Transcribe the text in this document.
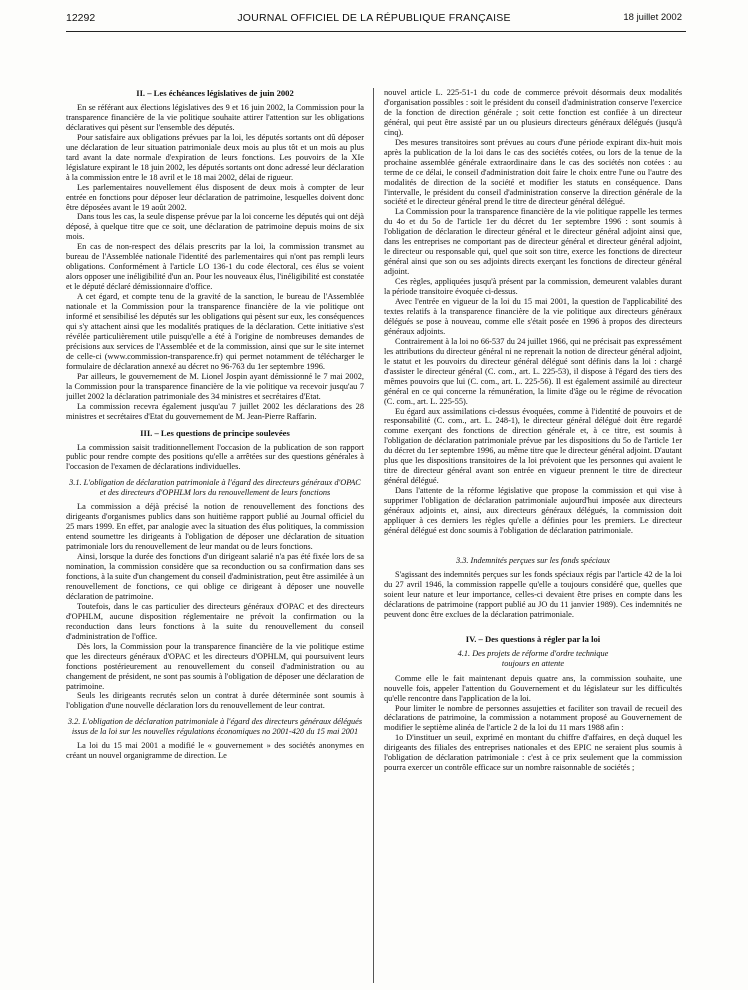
12292	JOURNAL OFFICIEL DE LA RÉPUBLIQUE FRANÇAISE	18 juillet 2002
II. – Les échéances législatives de juin 2002

En se référant aux élections législatives des 9 et 16 juin 2002, la Commission pour la transparence financière de la vie politique souhaite attirer l'attention sur les obligations déclaratives qui pèsent sur l'ensemble des députés.

Pour satisfaire aux obligations prévues par la loi, les députés sortants ont dû déposer une déclaration de leur situation patrimoniale deux mois au plus tôt et un mois au plus tard avant la date normale d'expiration de leurs fonctions. Les pouvoirs de la XIe législature expirant le 18 juin 2002, les députés sortants ont donc adressé leur déclaration à la commission entre le 18 avril et le 18 mai 2002, délai de rigueur.

Les parlementaires nouvellement élus disposent de deux mois à compter de leur entrée en fonctions pour déposer leur déclaration de patrimoine, lesquelles doivent donc être déposées avant le 19 août 2002.

Dans tous les cas, la seule dispense prévue par la loi concerne les députés qui ont déjà déposé, à quelque titre que ce soit, une déclaration de patrimoine depuis moins de six mois.

En cas de non-respect des délais prescrits par la loi, la commission transmet au bureau de l'Assemblée nationale l'identité des parlementaires qui n'ont pas rempli leurs obligations. Conformément à l'article LO 136-1 du code électoral, ces élus se voient alors opposer une inéligibilité d'un an. Pour les nouveaux élus, l'inéligibilité est constatée et le député déclaré démissionnaire d'office.

A cet égard, et compte tenu de la gravité de la sanction, le bureau de l'Assemblée nationale et la Commission pour la transparence financière de la vie politique ont informé et sensibilisé les députés sur les obligations qui pèsent sur eux, les conséquences qui s'y attachent ainsi que les modalités pratiques de la déclaration. Cette initiative s'est révélée particulièrement utile puisqu'elle a été à l'origine de nombreuses demandes de précisions aux services de l'Assemblée et de la commission, ainsi que sur le site internet de celle-ci (www.commission-transparence.fr) qui permet notamment de télécharger le formulaire de déclaration annexé au décret no 96-763 du 1er septembre 1996.

Par ailleurs, le gouvernement de M. Lionel Jospin ayant démissionné le 7 mai 2002, la Commission pour la transparence financière de la vie politique va recevoir jusqu'au 7 juillet 2002 la déclaration patrimoniale des 34 ministres et secrétaires d'Etat.

La commission recevra également jusqu'au 7 juillet 2002 les déclarations des 28 ministres et secrétaires d'Etat du gouvernement de M. Jean-Pierre Raffarin.

III. – Les questions de principe soulevées

La commission saisit traditionnellement l'occasion de la publication de son rapport public pour rendre compte des positions qu'elle a arrêtées sur des questions générales à l'occasion de l'examen de déclarations individuelles.

3.1. L'obligation de déclaration patrimoniale à l'égard des directeurs généraux d'OPAC et des directeurs d'OPHLM lors du renouvellement de leurs fonctions

La commission a déjà précisé la notion de renouvellement des fonctions des dirigeants d'organismes publics dans son huitième rapport publié au Journal officiel du 25 mars 1999. En effet, par analogie avec la situation des élus politiques, la commission entend soumettre les dirigeants à l'obligation de déposer une déclaration de situation patrimoniale lors du renouvellement de leur mandat ou de leurs fonctions.

Ainsi, lorsque la durée des fonctions d'un dirigeant salarié n'a pas été fixée lors de sa nomination, la commission considère que sa reconduction ou sa confirmation dans ses fonctions, à la suite d'un changement du conseil d'administration, peut être assimilée à un renouvellement de fonctions, ce qui oblige ce dirigeant à déposer une nouvelle déclaration de patrimoine.

Toutefois, dans le cas particulier des directeurs généraux d'OPAC et des directeurs d'OPHLM, aucune disposition réglementaire ne prévoit la confirmation ou la reconduction dans leurs fonctions à la suite du renouvellement du conseil d'administration de l'office.

Dès lors, la Commission pour la transparence financière de la vie politique estime que les directeurs généraux d'OPAC et les directeurs d'OPHLM, qui poursuivent leurs fonctions postérieurement au renouvellement du conseil d'administration ou au changement de président, ne sont pas soumis à l'obligation de déposer une déclaration de patrimoine.

Seuls les dirigeants recrutés selon un contrat à durée déterminée sont soumis à l'obligation d'une nouvelle déclaration lors du renouvellement de leur contrat.

3.2. L'obligation de déclaration patrimoniale à l'égard des directeurs généraux délégués issus de la loi sur les nouvelles régulations économiques no 2001-420 du 15 mai 2001

La loi du 15 mai 2001 a modifié le « gouvernement » des sociétés anonymes en créant un nouvel organigramme de direction. Le

nouvel article L. 225-51-1 du code de commerce prévoit désormais deux modalités d'organisation possibles : soit le président du conseil d'administration conserve l'exercice de la fonction de direction générale ; soit cette fonction est confiée à un directeur général, qui peut être assisté par un ou plusieurs directeurs généraux délégués (jusqu'à cinq).

Des mesures transitoires sont prévues au cours d'une période expirant dix-huit mois après la publication de la loi dans le cas des sociétés cotées, ou lors de la tenue de la prochaine assemblée générale extraordinaire dans le cas des sociétés non cotées : au terme de ce délai, le conseil d'administration doit faire le choix entre l'une ou l'autre des modalités de direction de la société et modifier les statuts en conséquence. Dans l'intervalle, le président du conseil d'administration conserve la direction générale de la société et le directeur général prend le titre de directeur général délégué.

La Commission pour la transparence financière de la vie politique rappelle les termes du 4o et du 5o de l'article 1er du décret du 1er septembre 1996 : sont soumis à l'obligation de déclaration le directeur général et le directeur général adjoint ainsi que, dans les entreprises ne comportant pas de directeur général et directeur général adjoint, le directeur ou responsable qui, quel que soit son titre, exerce les fonctions de directeur général ainsi que son ou ses adjoints directs exerçant les fonctions de directeur général adjoint.

Ces règles, appliquées jusqu'à présent par la commission, demeurent valables durant la période transitoire évoquée ci-dessus.

Avec l'entrée en vigueur de la loi du 15 mai 2001, la question de l'applicabilité des textes relatifs à la transparence financière de la vie politique aux directeurs généraux délégués se pose à nouveau, comme elle s'était posée en 1996 à propos des directeurs généraux adjoints.

Contrairement à la loi no 66-537 du 24 juillet 1966, qui ne précisait pas expressément les attributions du directeur général ni ne reprenait la notion de directeur général adjoint, le statut et les pouvoirs du directeur général délégué sont définis dans la loi : chargé d'assister le directeur général (C. com., art. L. 225-53), il dispose à l'égard des tiers des mêmes pouvoirs que lui (C. com., art. L. 225-56). Il est également assimilé au directeur général en ce qui concerne la rémunération, la limite d'âge ou le régime de révocation (C. com., art. L. 225-55).

Eu égard aux assimilations ci-dessus évoquées, comme à l'identité de pouvoirs et de responsabilité (C. com., art. L. 248-1), le directeur général délégué doit être regardé comme exerçant des fonctions de direction générale et, à ce titre, est soumis à l'obligation de déclaration patrimoniale prévue par les dispositions du 5o de l'article 1er du décret du 1er septembre 1996, au même titre que le directeur général adjoint. D'autant plus que les dispositions transitoires de la loi prévoient que les personnes qui avaient le titre de directeur général avant son entrée en vigueur prennent le titre de directeur général délégué.

Dans l'attente de la réforme législative que propose la commission et qui vise à supprimer l'obligation de déclaration patrimoniale aujourd'hui imposée aux directeurs généraux adjoints et, ainsi, aux directeurs généraux délégués, la commission doit appliquer à ces derniers les règles qu'elle a définies pour les premiers. Le directeur général délégué est donc soumis à l'obligation de déclaration patrimoniale.

3.3. Indemnités perçues sur les fonds spéciaux

S'agissant des indemnités perçues sur les fonds spéciaux régis par l'article 42 de la loi du 27 avril 1946, la commission rappelle qu'elle a toujours considéré que, quelles que soient leur nature et leur importance, celles-ci devaient être prises en compte dans les déclarations de patrimoine (rapport publié au JO du 11 janvier 1989). Ces indemnités ne peuvent donc être exclues de la déclaration patrimoniale.

IV. – Des questions à régler par la loi
4.1. Des projets de réforme d'ordre technique
toujours en attente

Comme elle le fait maintenant depuis quatre ans, la commission souhaite, une nouvelle fois, appeler l'attention du Gouvernement et du législateur sur les difficultés qu'elle rencontre dans l'application de la loi.

Pour limiter le nombre de personnes assujetties et faciliter son travail de recueil des déclarations de patrimoine, la commission a notamment proposé au Gouvernement de modifier le septième alinéa de l'article 2 de la loi du 11 mars 1988 afin :

1o D'instituer un seuil, exprimé en montant du chiffre d'affaires, en deçà duquel les dirigeants des filiales des entreprises nationales et des EPIC ne seraient plus soumis à l'obligation de déclaration patrimoniale : c'est à ce prix seulement que la commission pourra exercer un contrôle efficace sur un nombre raisonnable de sociétés ;
